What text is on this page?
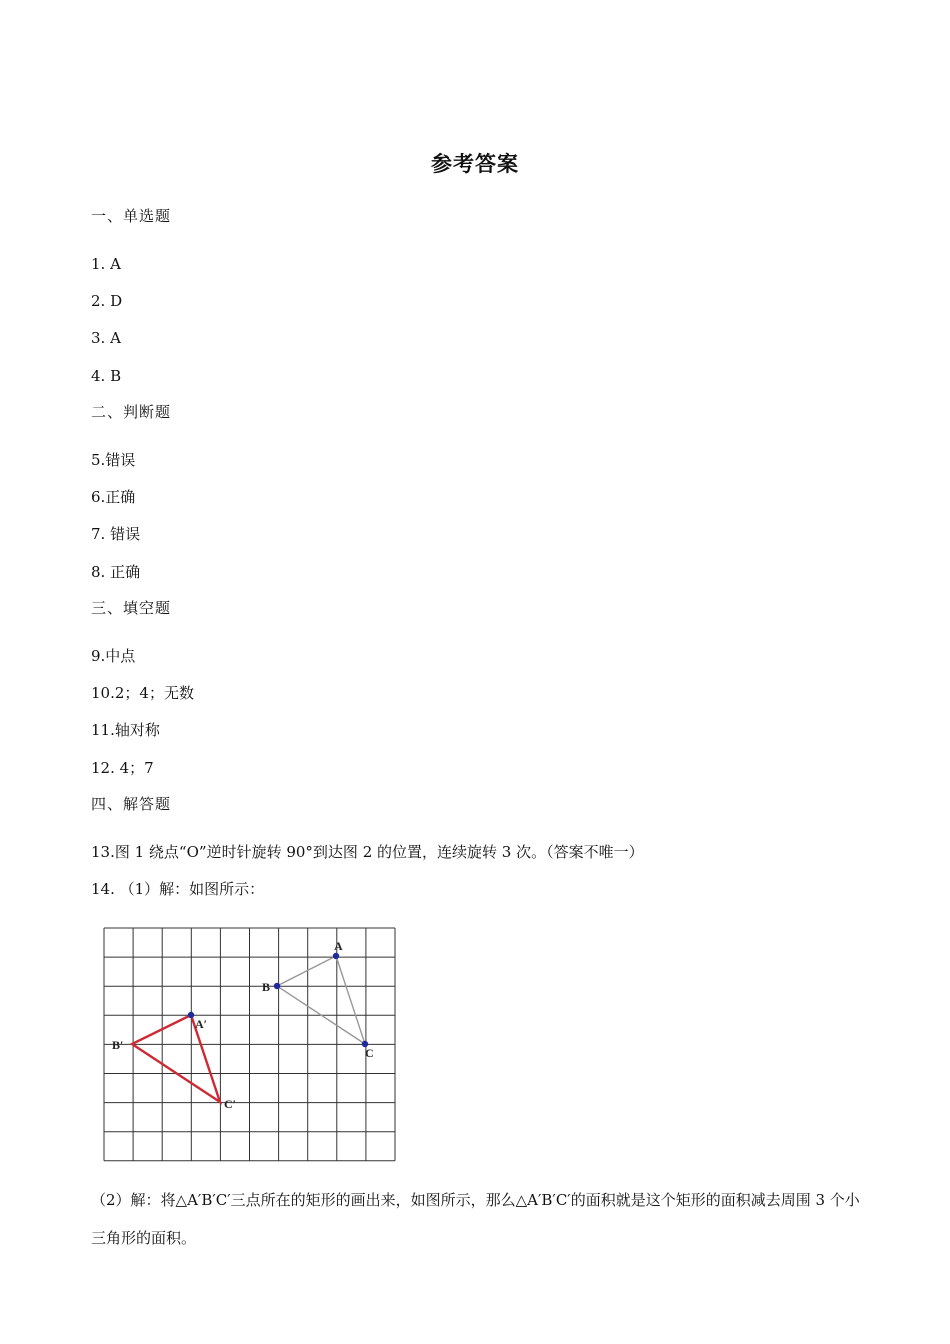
参考答案
一、单选题
1. A
2. D
3. A
4. B
二、判断题
5.错误
6.正确
7. 错误
8. 正确
三、填空题
9.中点
10.2；4；无数
11.轴对称
12. 4；7
四、解答题
13.图 1 绕点“O”逆时针旋转 90°到达图 2 的位置，连续旋转 3 次。（答案不唯一）
14. （1）解：如图所示：
A
B
C
A′
B′
C′
（2）解：将△A′B′C′三点所在的矩形的画出来，如图所示，那么△A′B′C′的面积就是这个矩形的面积减去周围 3 个小三角形的面积。
